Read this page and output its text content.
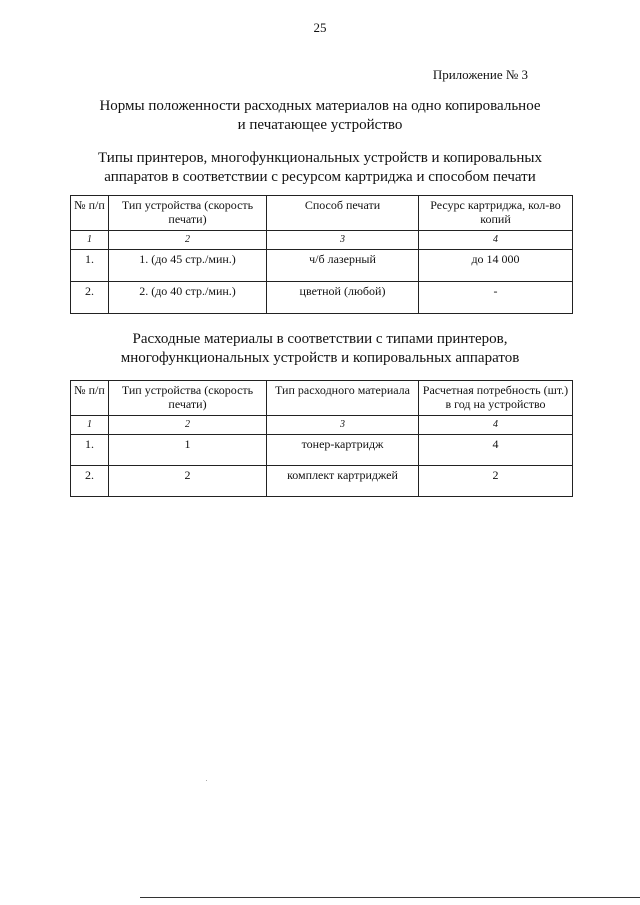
25
Приложение № 3
Нормы положенности расходных материалов на одно копировальное
и печатающее устройство
Типы принтеров, многофункциональных устройств и копировальных
аппаратов в соответствии с ресурсом картриджа и способом печати
№ п/п	Тип устройства (скорость печати)	Способ печати	Ресурс картриджа, кол-во копий
1	2	3	4
1.	1. (до 45 стр./мин.)	ч/б лазерный	до 14 000
2.	2. (до 40 стр./мин.)	цветной (любой)	-
Расходные материалы в соответствии с типами принтеров,
многофункциональных устройств и копировальных аппаратов
№ п/п	Тип устройства (скорость печати)	Тип расходного материала	Расчетная потребность (шт.) в год на устройство
1	2	3	4
1.	1	тонер-картридж	4
2.	2	комплект картриджей	2
